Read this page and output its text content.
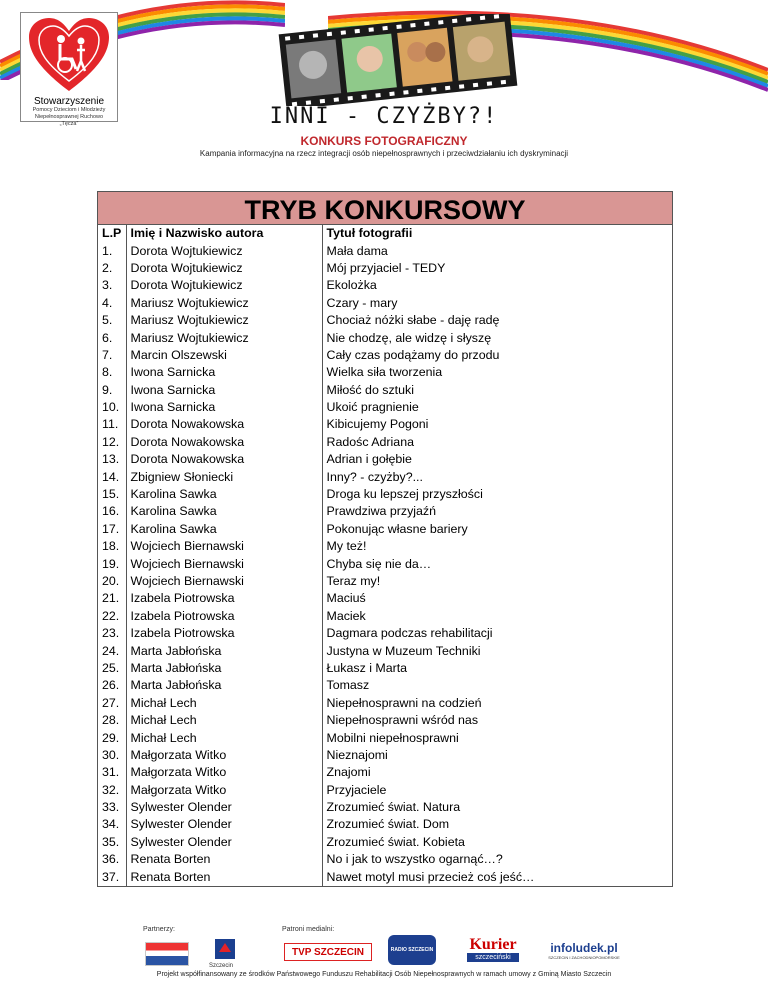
Stowarzyszenie
Pomocy Dzieciom i Młodzieży
Niepełnosprawnej Ruchowo
„Tęcza”	INNI - CZYŻBY?!
KONKURS FOTOGRAFICZNY
Kampania informacyjna na rzecz integracji osób niepełnosprawnych i przeciwdziałaniu ich dyskryminacji
TRYB KONKURSOWY
L.P	Imię i Nazwisko autora	Tytuł fotografii
1.	Dorota Wojtukiewicz	Mała dama
2.	Dorota Wojtukiewicz	Mój przyjaciel - TEDY
3.	Dorota Wojtukiewicz	Ekolożka
4.	Mariusz Wojtukiewicz	Czary - mary
5.	Mariusz Wojtukiewicz	Chociaż nóżki słabe - daję radę
6.	Mariusz Wojtukiewicz	Nie chodzę, ale widzę i słyszę
7.	Marcin Olszewski	Cały czas podążamy do przodu
8.	Iwona Sarnicka	Wielka siła tworzenia
9.	Iwona Sarnicka	Miłość do sztuki
10.	Iwona Sarnicka	Ukoić pragnienie
11.	Dorota Nowakowska	Kibicujemy Pogoni
12.	Dorota Nowakowska	Radośc Adriana
13.	Dorota Nowakowska	Adrian i gołębie
14.	Zbigniew Słoniecki	Inny? - czyżby?...
15.	Karolina Sawka	Droga ku lepszej przyszłości
16.	Karolina Sawka	Prawdziwa przyjaźń
17.	Karolina Sawka	Pokonując własne bariery
18.	Wojciech Biernawski	My też!
19.	Wojciech Biernawski	Chyba się nie da…
20.	Wojciech Biernawski	Teraz my!
21.	Izabela Piotrowska	Maciuś
22.	Izabela Piotrowska	Maciek
23.	Izabela Piotrowska	Dagmara podczas rehabilitacji
24.	Marta Jabłońska	Justyna w Muzeum Techniki
25.	Marta Jabłońska	Łukasz i Marta
26.	Marta Jabłońska	Tomasz
27.	Michał Lech	Niepełnosprawni na codzień
28.	Michał Lech	Niepełnosprawni wśród nas
29.	Michał Lech	Mobilni niepełnosprawni
30.	Małgorzata Witko	Nieznajomi
31.	Małgorzata Witko	Znajomi
32.	Małgorzata Witko	Przyjaciele
33.	Sylwester Olender	Zrozumieć świat. Natura
34.	Sylwester Olender	Zrozumieć świat. Dom
35.	Sylwester Olender	Zrozumieć świat. Kobieta
36.	Renata Borten	No i jak to wszystko ogarnąć…?
37.	Renata Borten	Nawet motyl musi przecież coś jeść…
Partnerzy:	Patroni medialni:
Szczecin
TVP SZCZECIN	RADIO SZCZECIN Kurier
szczeciński
infoludek.pl
SZCZECIN I ZACHODNIOPOMORSKIE
Projekt współfinansowany ze środków Państwowego Funduszu Rehabilitacji Osób Niepełnosprawnych w ramach umowy z Gminą Miasto Szczecin
